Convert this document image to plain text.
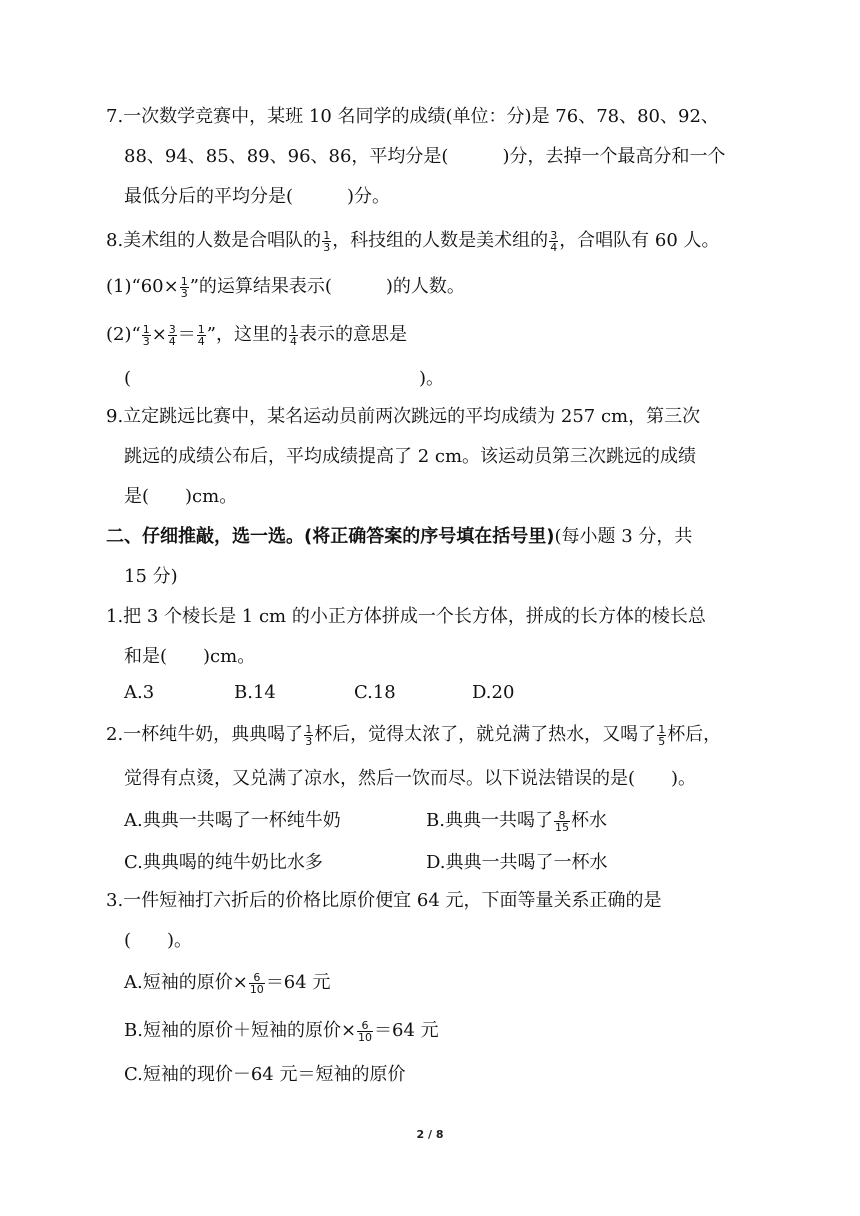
7.一次数学竞赛中，某班 10 名同学的成绩(单位：分)是 76、78、80、92、
88、94、85、89、96、86，平均分是(　　　)分，去掉一个最高分和一个
最低分后的平均分是(　　　)分。
8.美术组的人数是合唱队的 $\frac{1}{3}$ ，科技组的人数是美术组的 $\frac{3}{4}$ ，合唱队有 60 人。
(1)“60× $\frac{1}{3}$ ”的运算结果表示(　　　)的人数。
(2)“ $\frac{1}{3} \times \frac{3}{4} = \frac{1}{4}$ ”，这里的 $\frac{1}{4}$ 表示的意思是
(　　　　　　　　　　　　　　　　)。
9.立定跳远比赛中，某名运动员前两次跳远的平均成绩为 257 cm，第三次
跳远的成绩公布后，平均成绩提高了 2 cm。该运动员第三次跳远的成绩
是(　　)cm。
二、仔细推敲，选一选。(将正确答案的序号填在括号里)(每小题 3 分，共
15 分)
1.把 3 个棱长是 1 cm 的小正方体拼成一个长方体，拼成的长方体的棱长总
和是(　　)cm。
A.3	B.14	C.18	D.20
2.一杯纯牛奶，典典喝了 $\frac{1}{3}$ 杯后，觉得太浓了，就兑满了热水，又喝了 $\frac{1}{5}$ 杯后，
觉得有点烫，又兑满了凉水，然后一饮而尽。以下说法错误的是(　　)。
A.典典一共喝了一杯纯牛奶	B.典典一共喝了 $\frac{8}{15}$ 杯水
C.典典喝的纯牛奶比水多	D.典典一共喝了一杯水
3.一件短袖打六折后的价格比原价便宜 64 元，下面等量关系正确的是
(　　)。
A.短袖的原价× $\frac{6}{10} =64$ 元
B.短袖的原价＋短袖的原价× $\frac{6}{10} =64$ 元
C.短袖的现价－64 元＝短袖的原价
2 / 8
